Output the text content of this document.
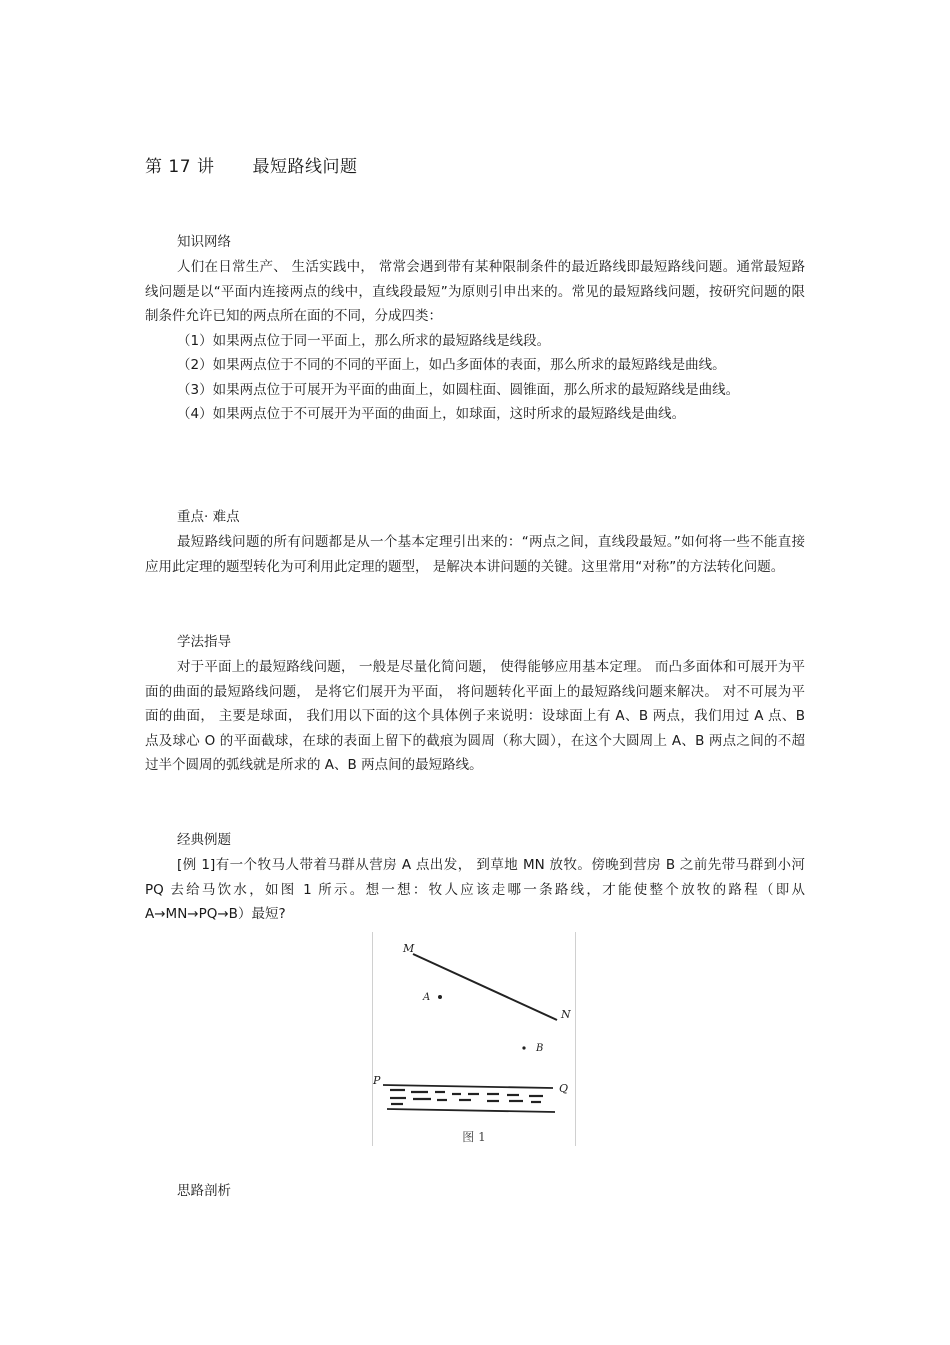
第 17 讲 最短路线问题
知识网络
人们在日常生产、 生活实践中， 常常会遇到带有某种限制条件的最近路线即最短路线问题。通常最短路线问题是以“平面内连接两点的线中，直线段最短”为原则引申出来的。常见的最短路线问题，按研究问题的限制条件允许已知的两点所在面的不同，分成四类：
（1）如果两点位于同一平面上，那么所求的最短路线是线段。
（2）如果两点位于不同的不同的平面上，如凸多面体的表面，那么所求的最短路线是曲线。
（3）如果两点位于可展开为平面的曲面上，如圆柱面、圆锥面，那么所求的最短路线是曲线。
（4）如果两点位于不可展开为平面的曲面上，如球面，这时所求的最短路线是曲线。
重点· 难点
最短路线问题的所有问题都是从一个基本定理引出来的：“两点之间，直线段最短。”如何将一些不能直接应用此定理的题型转化为可利用此定理的题型， 是解决本讲问题的关键。这里常用“对称”的方法转化问题。
学法指导
对于平面上的最短路线问题， 一般是尽量化简问题， 使得能够应用基本定理。 而凸多面体和可展开为平面的曲面的最短路线问题， 是将它们展开为平面， 将问题转化平面上的最短路线问题来解决。 对不可展为平面的曲面， 主要是球面， 我们用以下面的这个具体例子来说明：设球面上有 A、B 两点，我们用过 A 点、B 点及球心 O 的平面截球，在球的表面上留下的截痕为圆周（称大圆），在这个大圆周上 A、B 两点之间的不超过半个圆周的弧线就是所求的 A、B 两点间的最短路线。
经典例题
[例 1]有一个牧马人带着马群从营房 A 点出发， 到草地 MN 放牧。傍晚到营房 B 之前先带马群到小河 PQ 去给马饮水，如图 1 所示。想一想：牧人应该走哪一条路线，才能使整个放牧的路程（即从 A→MN→PQ→B）最短?
M
N
A
B
P
Q
图 1
思路剖析
